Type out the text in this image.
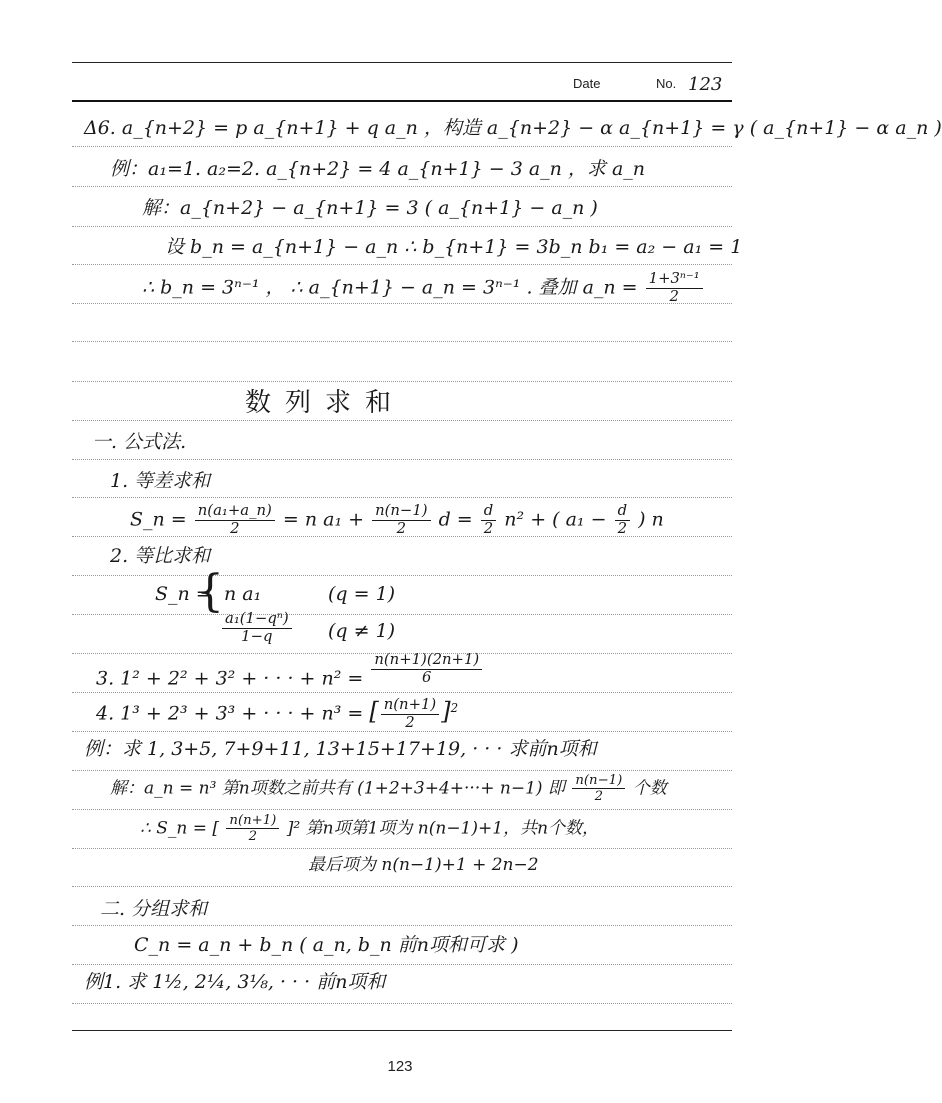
Date	No. 123
Δ6. a_{n+2} = p a_{n+1} + q a_n ，构造 a_{n+2} − α a_{n+1} = γ ( a_{n+1} − α a_n )
例：a₁=1. a₂=2. a_{n+2} = 4 a_{n+1} − 3 a_n ，求 a_n
解：a_{n+2} − a_{n+1} = 3 ( a_{n+1} − a_n )
设 b_n = a_{n+1} − a_n ∴ b_{n+1} = 3b_n b₁ = a₂ − a₁ = 1
∴ b_n = 3ⁿ⁻¹ ， ∴ a_{n+1} − a_n = 3ⁿ⁻¹ . 叠加 a_n = $\frac{\text{1+3ⁿ⁻¹}}{2}$
数列求和
一. 公式法.
1. 等差求和
S_n = $\frac{\text{n(a₁+a\_n)}}{2} = n$ $a_1 + \frac{n(n-1)}{2}$ $d = \frac{d}{2} n^2$ + ( $a_1 - \frac{d}{2}$ ) n
2. 等比求和
S_n =
{ n a₁	(q = 1)
$\frac{\text{a₁(1−qⁿ)}}{1-q} (q \ne 1)$
3. 1² + 2² + 3² + · · · + $n^2 = \frac{n(n+1)(2n+1)}{6}$
4. 1³ + 2³ + 3³ + · · · + n³ = [ $\frac{n(n+1)}{2} ]^2$
例：求 1, 3+5, 7+9+11, 13+15+17+19, · · · 求前n项和
解：a_n = n³ 第n项数之前共有 (1+2+3+4+···+ n−1) 即 $\frac{n(n-1)}{2}$ 个数
∴ S_n = [ $\frac{n(n+1)}{2} ]^2$ 第n项第1项为 n(n−1)+1，共n个数，
最后项为 n(n−1)+1 + 2n−2
二. 分组求和
C_n = a_n + b_n ( a_n, b_n 前n项和可求 )
例1. 求 1½, 2¼, 3⅛, · · · 前n项和
123
